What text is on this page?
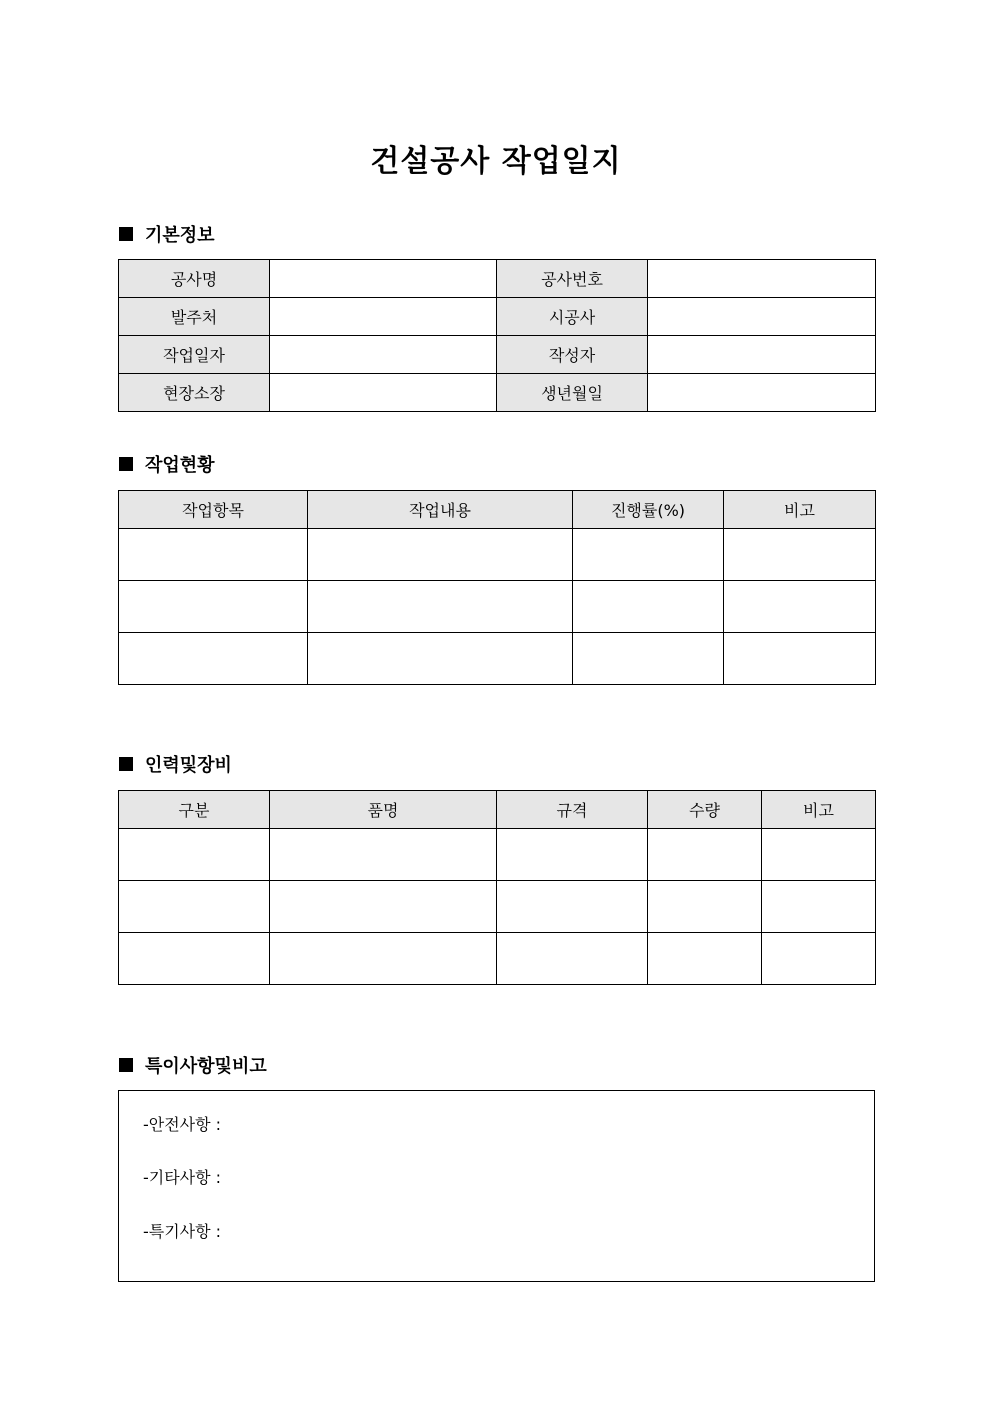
건설공사 작업일지
기본정보
공사명		공사번호	
발주처		시공사	
작업일자		작성자	
현장소장		생년월일	
작업현황
작업항목	작업내용	진행률(%)	비고

인력및장비
구분	품명	규격	수량	비고

특이사항및비고
-안전사항 :
-기타사항 :
-특기사항 :
